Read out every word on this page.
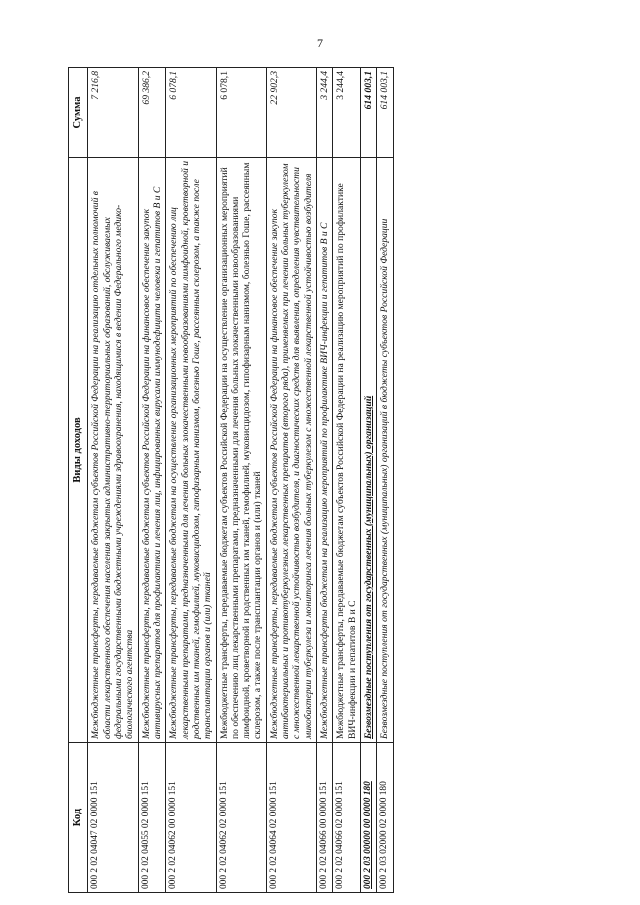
7
Код	Виды доходов	Сумма
000 2 02 04047 02 0000 151	Межбюджетные трансферты, передаваемые бюджетам субъектов Российской Федерации на реализацию отдельных полномочий в области лекарственного обеспечения населения закрытых административно-территориальных образований, обслуживаемых федеральными государственными бюджетными учреждениями здравоохранения, находящимися в ведении Федерального медико-биологического агентства	7 216,8
000 2 02 04055 02 0000 151	Межбюджетные трансферты, передаваемые бюджетам субъектов Российской Федерации на финансовое обеспечение закупок антивирусных препаратов для профилактики и лечения лиц, инфицированных вирусами иммунодефицита человека и гепатитов В и С	69 386,2
000 2 02 04062 00 0000 151	Межбюджетные трансферты, передаваемые бюджетам на осуществление организационных мероприятий по обеспечению лиц лекарственными препаратами, предназначенными для лечения больных злокачественными новообразованиями лимфоидной, кроветворной и родственных им тканей, гемофилией, муковисцидозом, гипофизарным нанизмом, болезнью Гоше, рассеянным склерозом, а также после трансплантации органов и (или) тканей	6 078,1
000 2 02 04062 02 0000 151	Межбюджетные трансферты, передаваемые бюджетам субъектов Российской Федерации на осуществление организационных мероприятий по обеспечению лиц лекарственными препаратами, предназначенными для лечения больных злокачественными новообразованиями лимфоидной, кроветворной и родственных им тканей, гемофилией, муковисцидозом, гипофизарным нанизмом, болезнью Гоше, рассеянным склерозом, а также после трансплантации органов и (или) тканей	6 078,1
000 2 02 04064 02 0000 151	Межбюджетные трансферты, передаваемые бюджетам субъектов Российской Федерации на финансовое обеспечение закупок антибактериальных и противотуберкулезных лекарственных препаратов (второго ряда), применяемых при лечении больных туберкулезом с множественной лекарственной устойчивостью возбудителя, и диагностических средств для выявления, определения чувствительности микобактерии туберкулеза и мониторинга лечения больных туберкулезом с множественной лекарственной устойчивостью возбудителя	22 902,3
000 2 02 04066 00 0000 151	Межбюджетные трансферты бюджетам на реализацию мероприятий по профилактике ВИЧ-инфекции и гепатитов В и С	3 244,4
000 2 02 04066 02 0000 151	Межбюджетные трансферты, передаваемые бюджетам субъектов Российской Федерации на реализацию мероприятий по профилактике ВИЧ-инфекции и гепатитов В и С	3 244,4
000 2 03 00000 00 0000 180	Безвозмездные поступления от государственных (муниципальных) организаций	614 003,1
000 2 03 02000 02 0000 180	Безвозмездные поступления от государственных (муниципальных) организаций в бюджеты субъектов Российской Федерации	614 003,1
